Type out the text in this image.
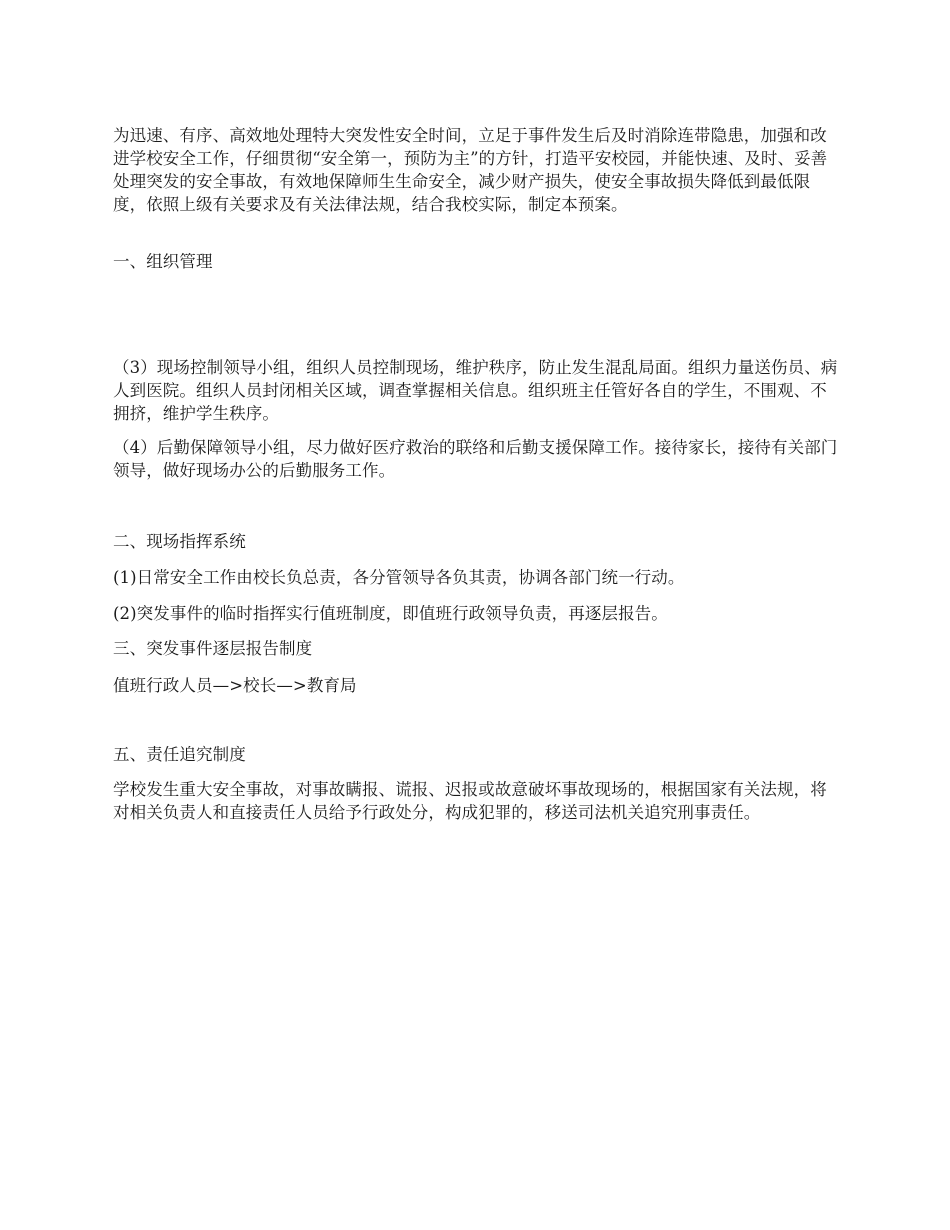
为迅速、有序、高效地处理特大突发性安全时间，立足于事件发生后及时消除连带隐患，加强和改进学校安全工作，仔细贯彻“安全第一，预防为主”的方针，打造平安校园，并能快速、及时、妥善处理突发的安全事故，有效地保障师生生命安全，减少财产损失，使安全事故损失降低到最低限度，依照上级有关要求及有关法律法规，结合我校实际，制定本预案。

一、组织管理

（3）现场控制领导小组，组织人员控制现场，维护秩序，防止发生混乱局面。组织力量送伤员、病人到医院。组织人员封闭相关区域，调查掌握相关信息。组织班主任管好各自的学生，不围观、不拥挤，维护学生秩序。

（4）后勤保障领导小组，尽力做好医疗救治的联络和后勤支援保障工作。接待家长，接待有关部门领导，做好现场办公的后勤服务工作。

二、现场指挥系统

(1)日常安全工作由校长负总责，各分管领导各负其责，协调各部门统一行动。

(2)突发事件的临时指挥实行值班制度，即值班行政领导负责，再逐层报告。

三、突发事件逐层报告制度

值班行政人员—>校长—>教育局

五、责任追究制度

学校发生重大安全事故，对事故瞒报、谎报、迟报或故意破坏事故现场的，根据国家有关法规，将对相关负责人和直接责任人员给予行政处分，构成犯罪的，移送司法机关追究刑事责任。
